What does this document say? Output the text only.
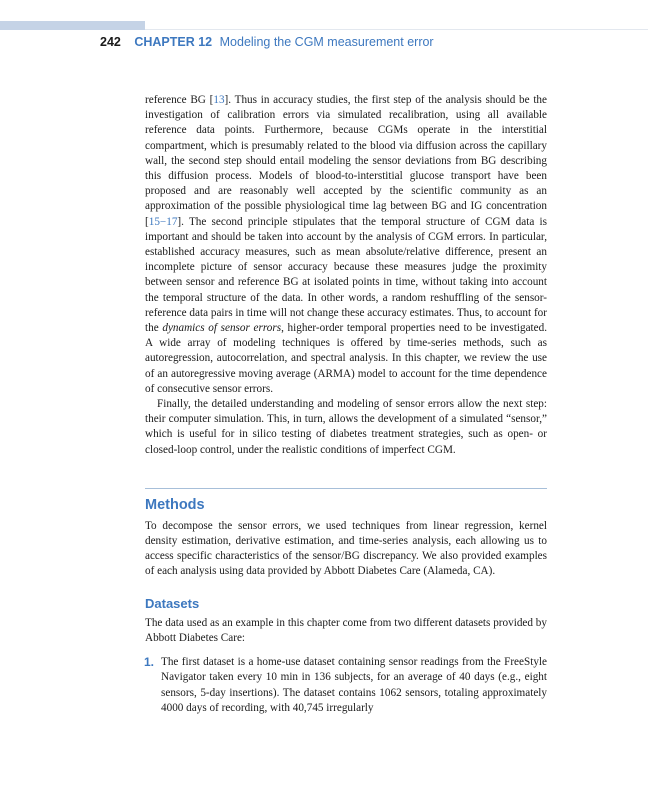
242 CHAPTER 12 Modeling the CGM measurement error

reference BG [13]. Thus in accuracy studies, the first step of the analysis should be the investigation of calibration errors via simulated recalibration, using all available reference data points. Furthermore, because CGMs operate in the interstitial compartment, which is presumably related to the blood via diffusion across the capillary wall, the second step should entail modeling the sensor deviations from BG describing this diffusion process. Models of blood-to-interstitial glucose transport have been proposed and are reasonably well accepted by the scientific community as an approximation of the possible physiological time lag between BG and IG concentration [15−17]. The second principle stipulates that the temporal structure of CGM data is important and should be taken into account by the analysis of CGM errors. In particular, established accuracy measures, such as mean absolute/relative difference, present an incomplete picture of sensor accuracy because these measures judge the proximity between sensor and reference BG at isolated points in time, without taking into account the temporal structure of the data. In other words, a random reshuffling of the sensor-reference data pairs in time will not change these accuracy estimates. Thus, to account for the dynamics of sensor errors, higher-order temporal properties need to be investigated. A wide array of modeling techniques is offered by time-series methods, such as autoregression, autocorrelation, and spectral analysis. In this chapter, we review the use of an autoregressive moving average (ARMA) model to account for the time dependence of consecutive sensor errors.

Finally, the detailed understanding and modeling of sensor errors allow the next step: their computer simulation. This, in turn, allows the development of a simulated “sensor,” which is useful for in silico testing of diabetes treatment strategies, such as open- or closed-loop control, under the realistic conditions of imperfect CGM.

Methods

To decompose the sensor errors, we used techniques from linear regression, kernel density estimation, derivative estimation, and time-series analysis, each allowing us to access specific characteristics of the sensor/BG discrepancy. We also provided examples of each analysis using data provided by Abbott Diabetes Care (Alameda, CA).

Datasets

The data used as an example in this chapter come from two different datasets provided by Abbott Diabetes Care:

1. The first dataset is a home-use dataset containing sensor readings from the FreeStyle Navigator taken every 10 min in 136 subjects, for an average of 40 days (e.g., eight sensors, 5-day insertions). The dataset contains 1062 sensors, totaling approximately 4000 days of recording, with 40,745 irregularly
